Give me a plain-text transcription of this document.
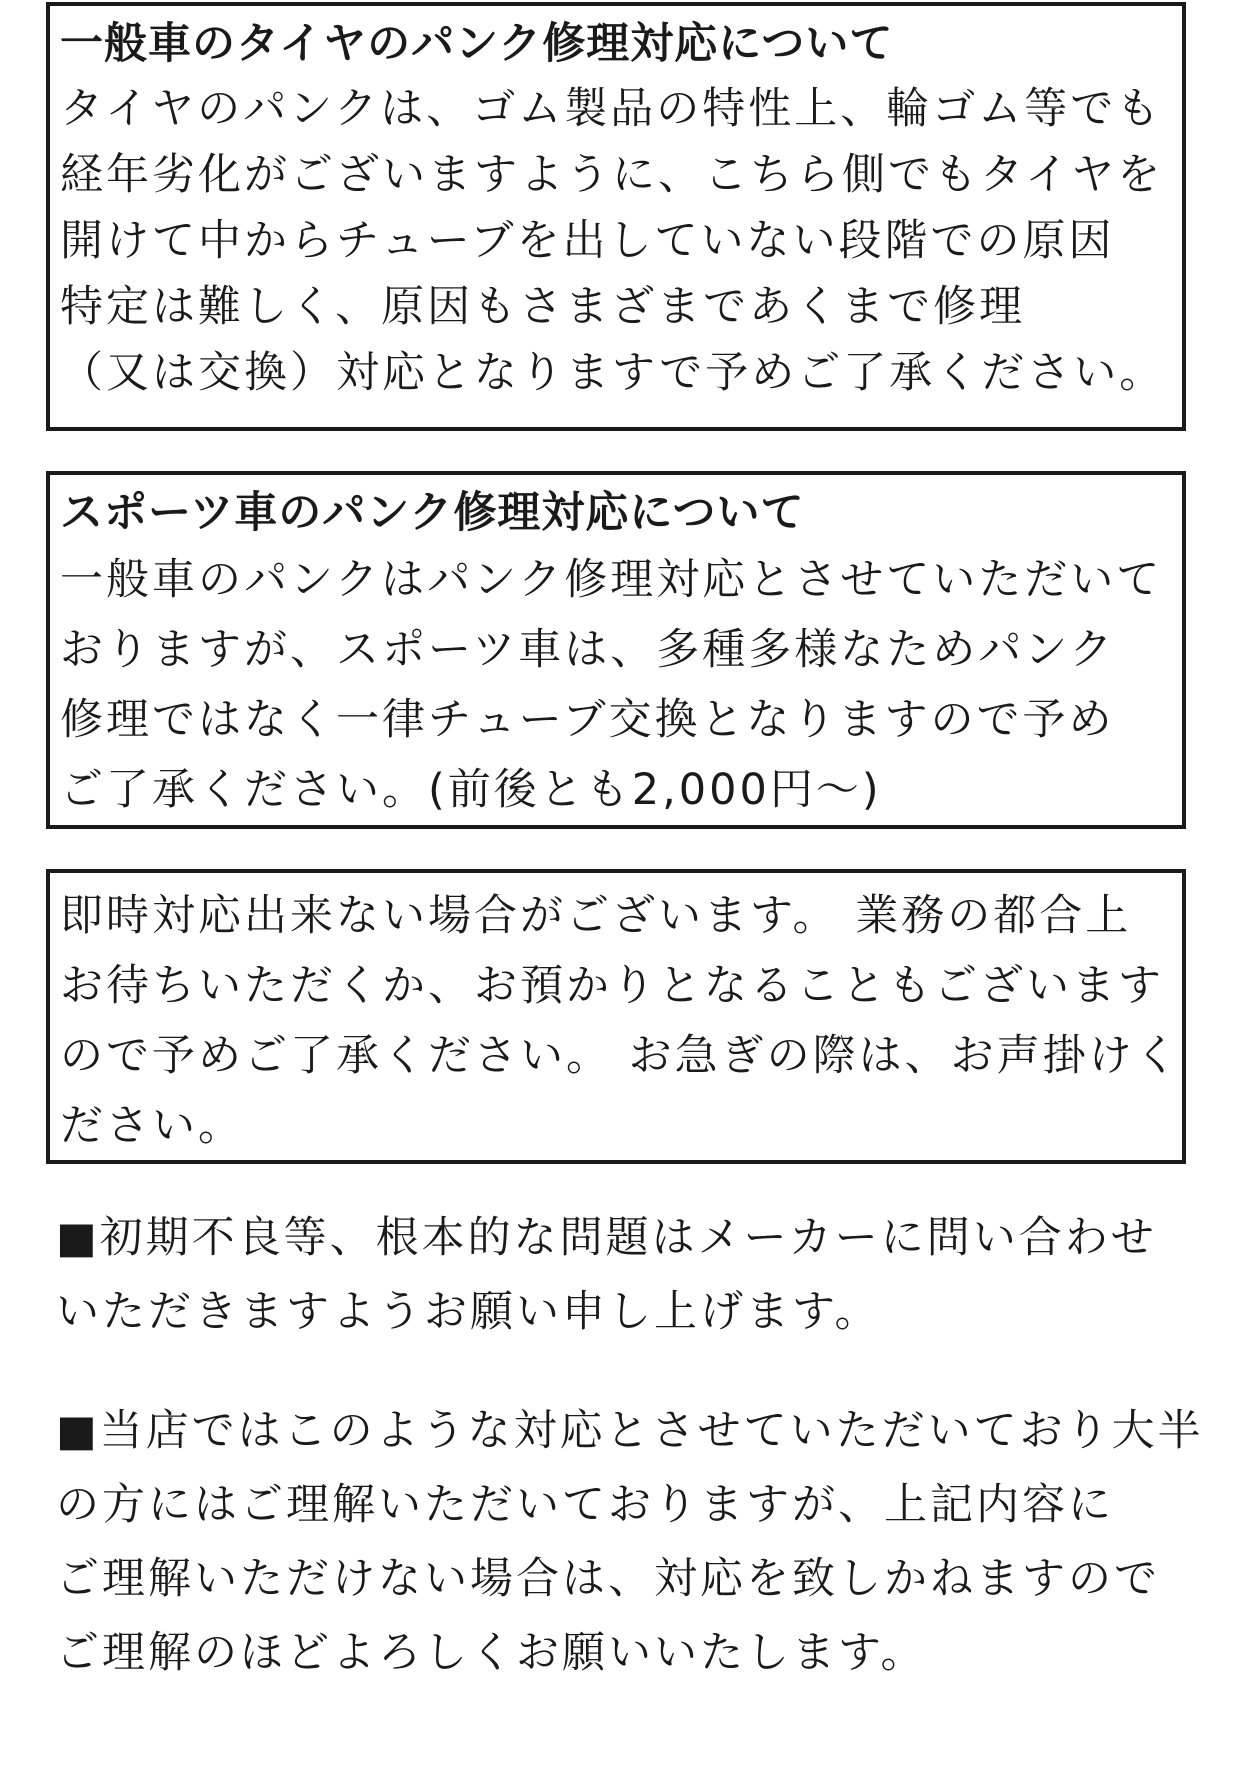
一般車のタイヤのパンク修理対応について
タイヤのパンクは、ゴム製品の特性上、輪ゴム等でも
経年劣化がございますように、こちら側でもタイヤを
開けて中からチューブを出していない段階での原因
特定は難しく、原因もさまざまであくまで修理
（又は交換）対応となりますで予めご了承ください。
スポーツ車のパンク修理対応について
一般車のパンクはパンク修理対応とさせていただいて
おりますが、スポーツ車は、多種多様なためパンク
修理ではなく一律チューブ交換となりますので予め
ご了承ください。(前後とも2,000円〜)
即時対応出来ない場合がございます。 業務の都合上
お待ちいただくか、お預かりとなることもございます
ので予めご了承ください。 お急ぎの際は、お声掛けく
ださい。
■初期不良等、根本的な問題はメーカーに問い合わせ
いただきますようお願い申し上げます。
■当店ではこのような対応とさせていただいており大半
の方にはご理解いただいておりますが、上記内容に
ご理解いただけない場合は、対応を致しかねますので
ご理解のほどよろしくお願いいたします。
